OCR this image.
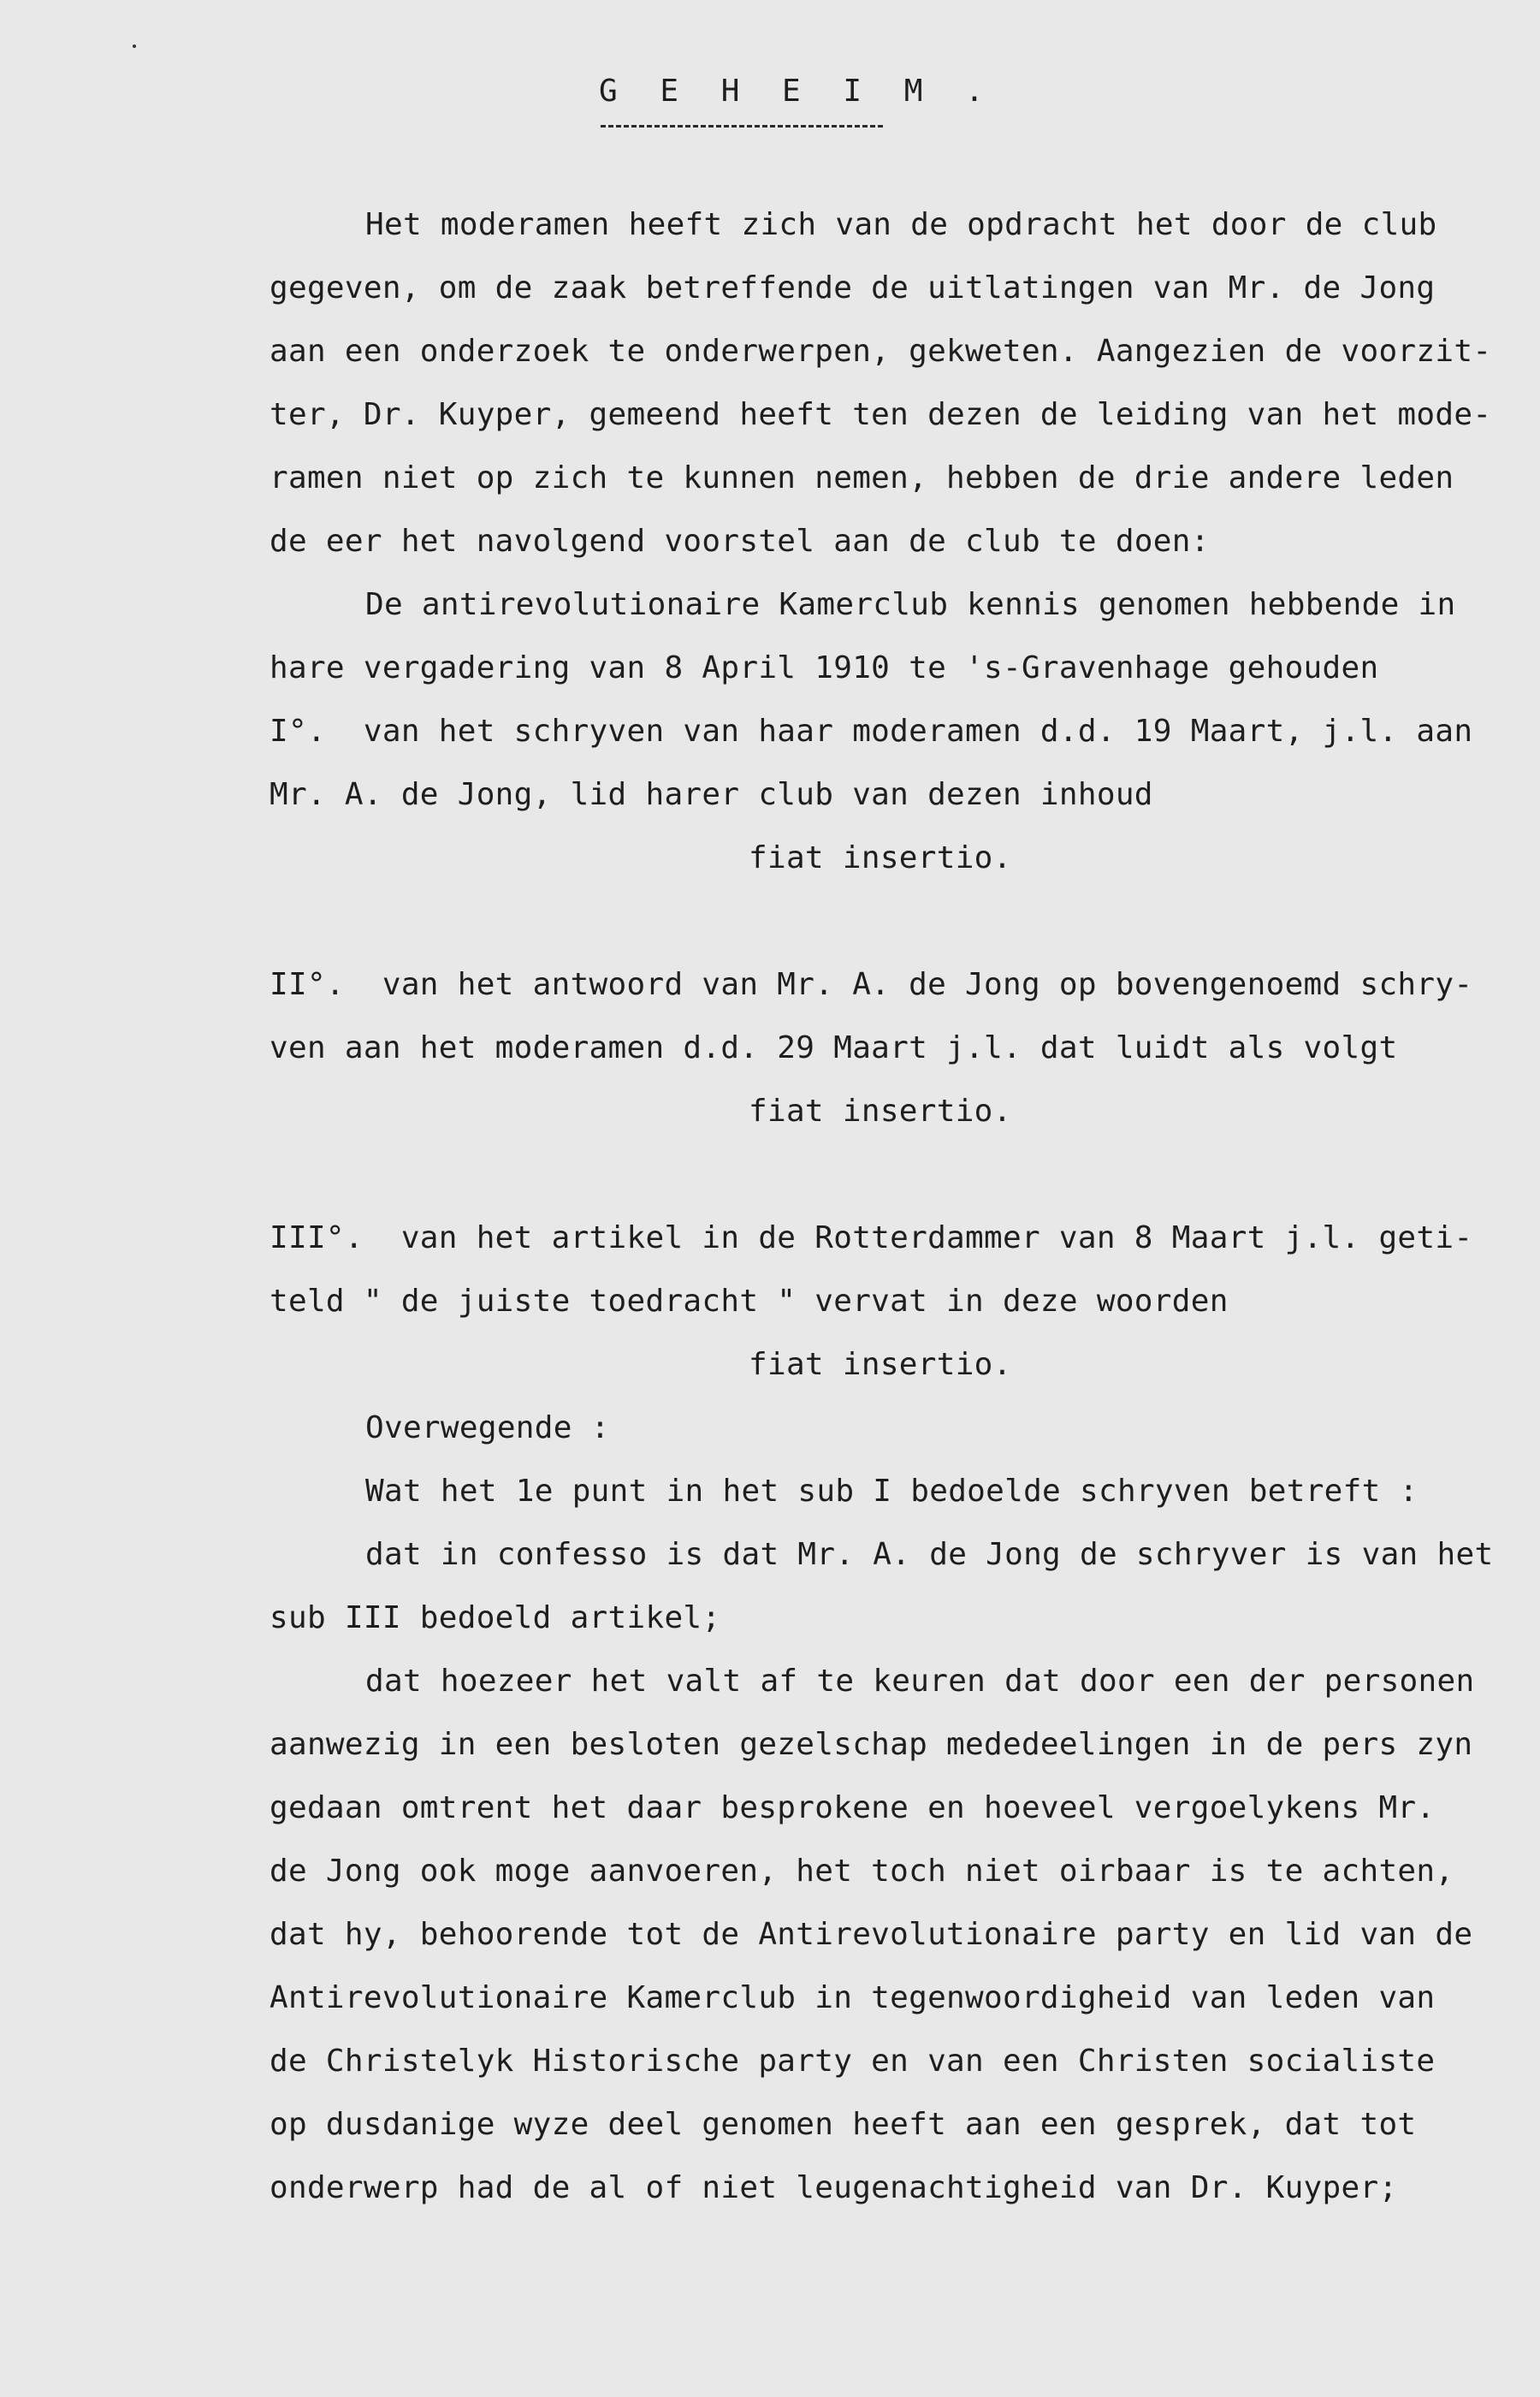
G E H E I M .

Het moderamen heeft zich van de opdracht het door de club

gegeven, om de zaak betreffende de uitlatingen van Mr. de Jong

aan een onderzoek te onderwerpen, gekweten. Aangezien de voorzit-

ter, Dr. Kuyper, gemeend heeft ten dezen de leiding van het mode-

ramen niet op zich te kunnen nemen, hebben de drie andere leden

de eer het navolgend voorstel aan de club te doen:

De antirevolutionaire Kamerclub kennis genomen hebbende in

hare vergadering van 8 April 1910 te 's-Gravenhage gehouden

I°.  van het schryven van haar moderamen d.d. 19 Maart, j.l. aan

Mr. A. de Jong, lid harer club van dezen inhoud

fiat insertio.

II°.  van het antwoord van Mr. A. de Jong op bovengenoemd schry-

ven aan het moderamen d.d. 29 Maart j.l. dat luidt als volgt

fiat insertio.

III°.  van het artikel in de Rotterdammer van 8 Maart j.l. geti-

teld " de juiste toedracht " vervat in deze woorden

fiat insertio.

Overwegende :

Wat het 1e punt in het sub I bedoelde schryven betreft :

dat in confesso is dat Mr. A. de Jong de schryver is van het

sub III bedoeld artikel;

dat hoezeer het valt af te keuren dat door een der personen

aanwezig in een besloten gezelschap mededeelingen in de pers zyn

gedaan omtrent het daar besprokene en hoeveel vergoelykens Mr.

de Jong ook moge aanvoeren, het toch niet oirbaar is te achten,

dat hy, behoorende tot de Antirevolutionaire party en lid van de

Antirevolutionaire Kamerclub in tegenwoordigheid van leden van

de Christelyk Historische party en van een Christen socialiste

op dusdanige wyze deel genomen heeft aan een gesprek, dat tot

onderwerp had de al of niet leugenachtigheid van Dr. Kuyper;
